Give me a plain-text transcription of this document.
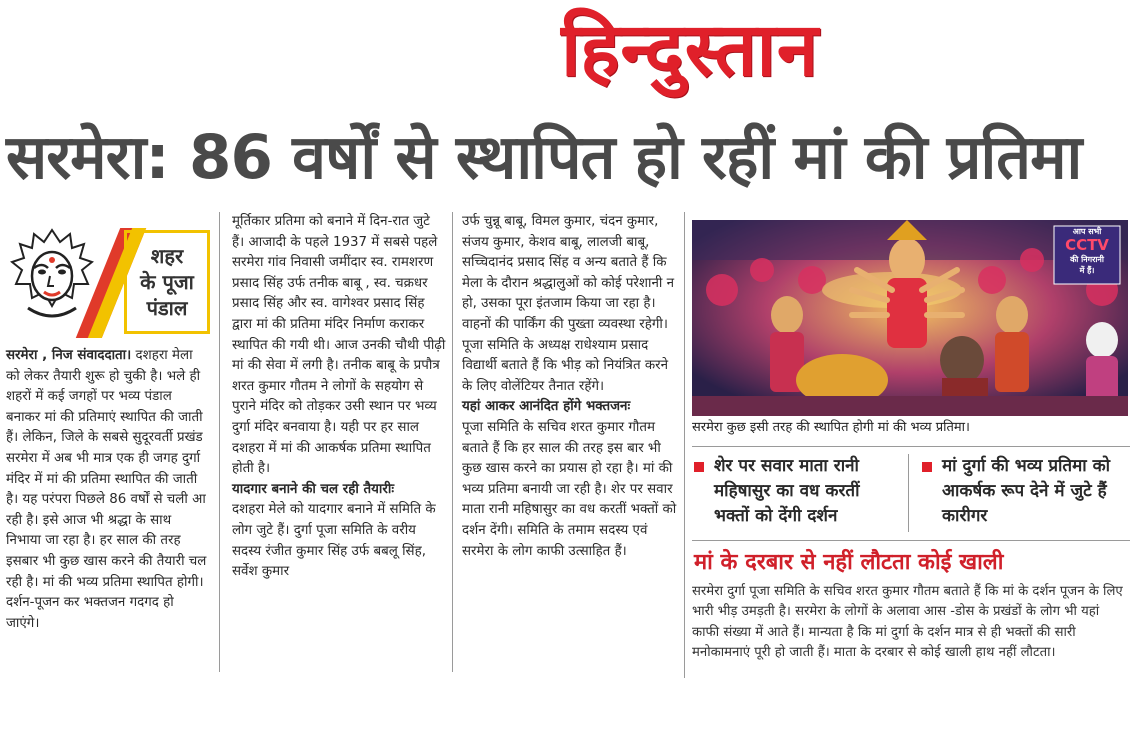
हिन्दुस्तान
सरमेरा: 86 वर्षों से स्थापित हो रहीं मां की प्रतिमा
शहर
के पूजा
पंडाल
सरमेरा , निज संवाददाता। दशहरा मेला को लेकर तैयारी शुरू हो चुकी है। भले ही शहरों में कई जगहों पर भव्य पंडाल बनाकर मां की प्रतिमाएं स्थापित की जाती हैं। लेकिन, जिले के सबसे सुदूरवर्ती प्रखंड सरमेरा में अब भी मात्र एक ही जगह दुर्गा मंदिर में मां की प्रतिमा स्थापित की जाती है। यह परंपरा पिछले 86 वर्षों से चली आ रही है। इसे आज भी श्रद्धा के साथ निभाया जा रहा है। हर साल की तरह इसबार भी कुछ खास करने की तैयारी चल रही है। मां की भव्य प्रतिमा स्थापित होगी। दर्शन-पूजन कर भक्तजन गदगद हो जाएंगे।
मूर्तिकार प्रतिमा को बनाने में दिन-रात जुटे हैं। आजादी के पहले 1937 में सबसे पहले सरमेरा गांव निवासी जमींदार स्व. रामशरण प्रसाद सिंह उर्फ तनीक बाबू , स्व. चक्रधर प्रसाद सिंह और स्व. वागेश्वर प्रसाद सिंह द्वारा मां की प्रतिमा मंदिर निर्माण कराकर स्थापित की गयी थी। आज उनकी चौथी पीढ़ी मां की सेवा में लगी है। तनीक बाबू के प्रपौत्र शरत कुमार गौतम ने लोगों के सहयोग से पुराने मंदिर को तोड़कर उसी स्थान पर भव्य दुर्गा मंदिर बनवाया है। यही पर हर साल दशहरा में मां की आकर्षक प्रतिमा स्थापित होती है।
यादगार बनाने की चल रही तैयारीः
दशहरा मेले को यादगार बनाने में समिति के लोग जुटे हैं। दुर्गा पूजा समिति के वरीय सदस्य रंजीत कुमार सिंह उर्फ बबलू सिंह, सर्वेश कुमार
उर्फ चुन्नू बाबू, विमल कुमार, चंदन कुमार, संजय कुमार, केशव बाबू, लालजी बाबू, सच्चिदानंद प्रसाद सिंह व अन्य बताते हैं कि मेला के दौरान श्रद्धालुओं को कोई परेशानी न हो, उसका पूरा इंतजाम किया जा रहा है। वाहनों की पार्किंग की पुख्ता व्यवस्था रहेगी। पूजा समिति के अध्यक्ष राधेश्याम प्रसाद विद्यार्थी बताते हैं कि भीड़ को नियंत्रित करने के लिए वोलेंटियर तैनात रहेंगे।
यहां आकर आनंदित होंगे भक्तजनः
पूजा समिति के सचिव शरत कुमार गौतम बताते हैं कि हर साल की तरह इस बार भी कुछ खास करने का प्रयास हो रहा है। मां की भव्य प्रतिमा बनायी जा रही है। शेर पर सवार माता रानी महिषासुर का वध करतीं भक्तों को दर्शन देंगी। समिति के तमाम सदस्य एवं सरमेरा के लोग काफी उत्साहित हैं।
आप सभी
CCTV
की निगरानी
में हैं।
सरमेरा कुछ इसी तरह की स्थापित होगी मां की भव्य प्रतिमा।
शेर पर सवार माता रानी
महिषासुर का वध करतीं
भक्तों को देंगी दर्शन
मां दुर्गा की भव्य प्रतिमा को
आकर्षक रूप देने में जुटे हैं
कारीगर
मां के दरबार से नहीं लौटता कोई खाली
सरमेरा दुर्गा पूजा समिति के सचिव शरत कुमार गौतम बताते हैं कि मां के दर्शन पूजन के लिए भारी भीड़ उमड़ती है। सरमेरा के लोगों के अलावा आस -डोस के प्रखंडों के लोग भी यहां काफी संख्या में आते हैं। मान्यता है कि मां दुर्गा के दर्शन मात्र से ही भक्तों की सारी मनोकामनाएं पूरी हो जाती हैं। माता के दरबार से कोई खाली हाथ नहीं लौटता।
